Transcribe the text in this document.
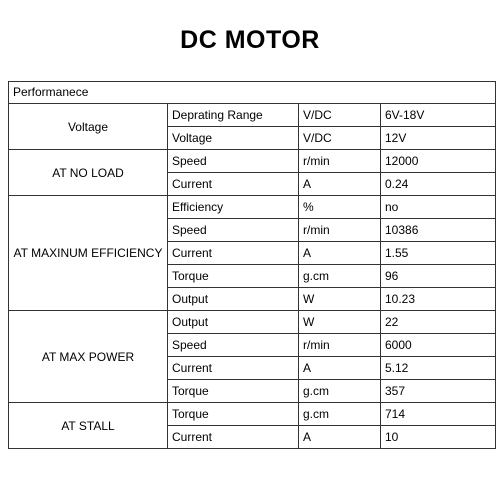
DC MOTOR
Performanece			
Voltage	Deprating Range	V/DC	6V-18V
	Voltage	V/DC	12V
AT NO LOAD	Speed	r/min	12000
	Current	A	0.24
AT MAXINUM EFFICIENCY	Efficiency	%	no
	Speed	r/min	10386
	Current	A	1.55
	Torque	g.cm	96
	Output	W	10.23
AT MAX POWER	Output	W	22
	Speed	r/min	6000
	Current	A	5.12
	Torque	g.cm	357
AT STALL	Torque	g.cm	714
	Current	A	10
